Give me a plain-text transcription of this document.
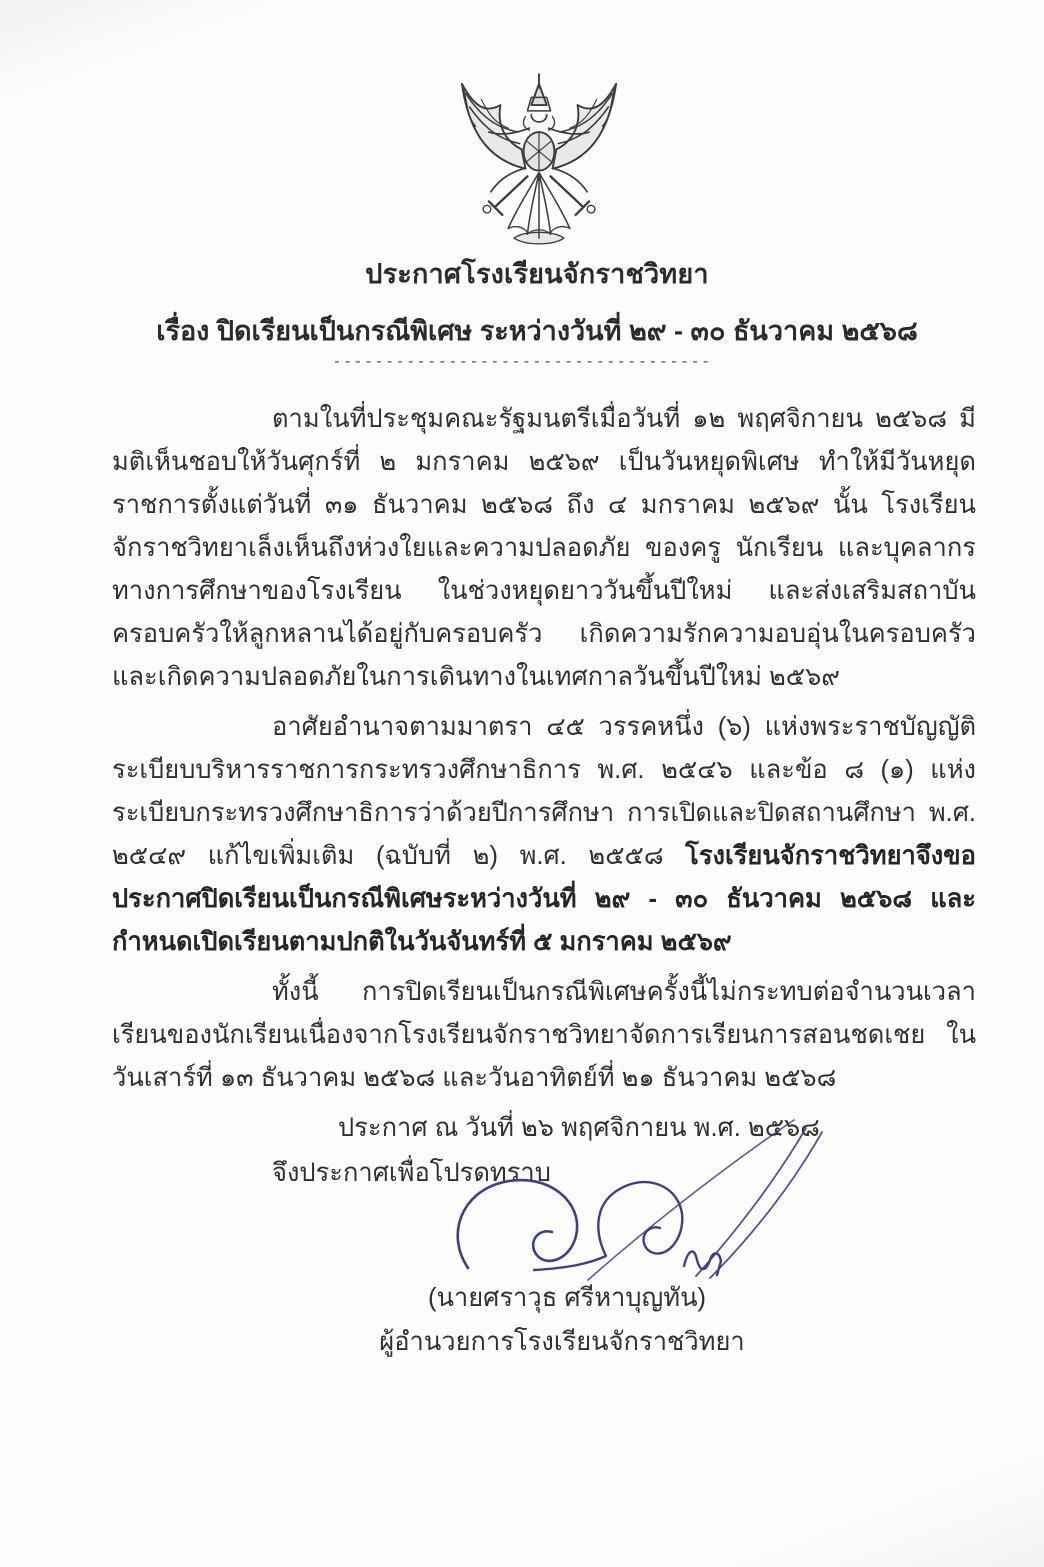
ประกาศโรงเรียนจักราชวิทยา
เรื่อง ปิดเรียนเป็นกรณีพิเศษ ระหว่างวันที่ ๒๙ - ๓๐ ธันวาคม ๒๕๖๘
------------------------------------

ตามในที่ประชุมคณะรัฐมนตรีเมื่อวันที่ ๑๒ พฤศจิกายน ๒๕๖๘ มีมติเห็นชอบให้วันศุกร์ที่ ๒ มกราคม ๒๕๖๙ เป็นวันหยุดพิเศษ ทำให้มีวันหยุดราชการตั้งแต่วันที่ ๓๑ ธันวาคม ๒๕๖๘ ถึง ๔ มกราคม ๒๕๖๙ นั้น โรงเรียนจักราชวิทยาเล็งเห็นถึงห่วงใยและความปลอดภัย ของครู นักเรียน และบุคลากรทางการศึกษาของโรงเรียน ในช่วงหยุดยาววันขึ้นปีใหม่ และส่งเสริมสถาบันครอบครัวให้ลูกหลานได้อยู่กับครอบครัว เกิดความรักความอบอุ่นในครอบครัว และเกิดความปลอดภัยในการเดินทางในเทศกาลวันขึ้นปีใหม่ ๒๕๖๙

อาศัยอำนาจตามมาตรา ๔๕ วรรคหนึ่ง (๖) แห่งพระราชบัญญัติระเบียบบริหารราชการกระทรวงศึกษาธิการ พ.ศ. ๒๕๔๖ และข้อ ๘ (๑) แห่งระเบียบกระทรวงศึกษาธิการว่าด้วยปีการศึกษา การเปิดและปิดสถานศึกษา พ.ศ. ๒๕๔๙ แก้ไขเพิ่มเติม (ฉบับที่ ๒) พ.ศ. ๒๕๕๘ โรงเรียนจักราชวิทยาจึงขอประกาศปิดเรียนเป็นกรณีพิเศษระหว่างวันที่ ๒๙ - ๓๐ ธันวาคม ๒๕๖๘ และกำหนดเปิดเรียนตามปกติในวันจันทร์ที่ ๕ มกราคม ๒๕๖๙

ทั้งนี้ การปิดเรียนเป็นกรณีพิเศษครั้งนี้ไม่กระทบต่อจำนวนเวลาเรียนของนักเรียนเนื่องจากโรงเรียนจักราชวิทยาจัดการเรียนการสอนชดเชย ในวันเสาร์ที่ ๑๓ ธันวาคม ๒๕๖๘ และวันอาทิตย์ที่ ๒๑ ธันวาคม ๒๕๖๘

จึงประกาศเพื่อโปรดทราบ

ประกาศ ณ วันที่ ๒๖ พฤศจิกายน พ.ศ. ๒๕๖๘
(นายศราวุธ ศรีหาบุญทัน)
ผู้อำนวยการโรงเรียนจักราชวิทยา
